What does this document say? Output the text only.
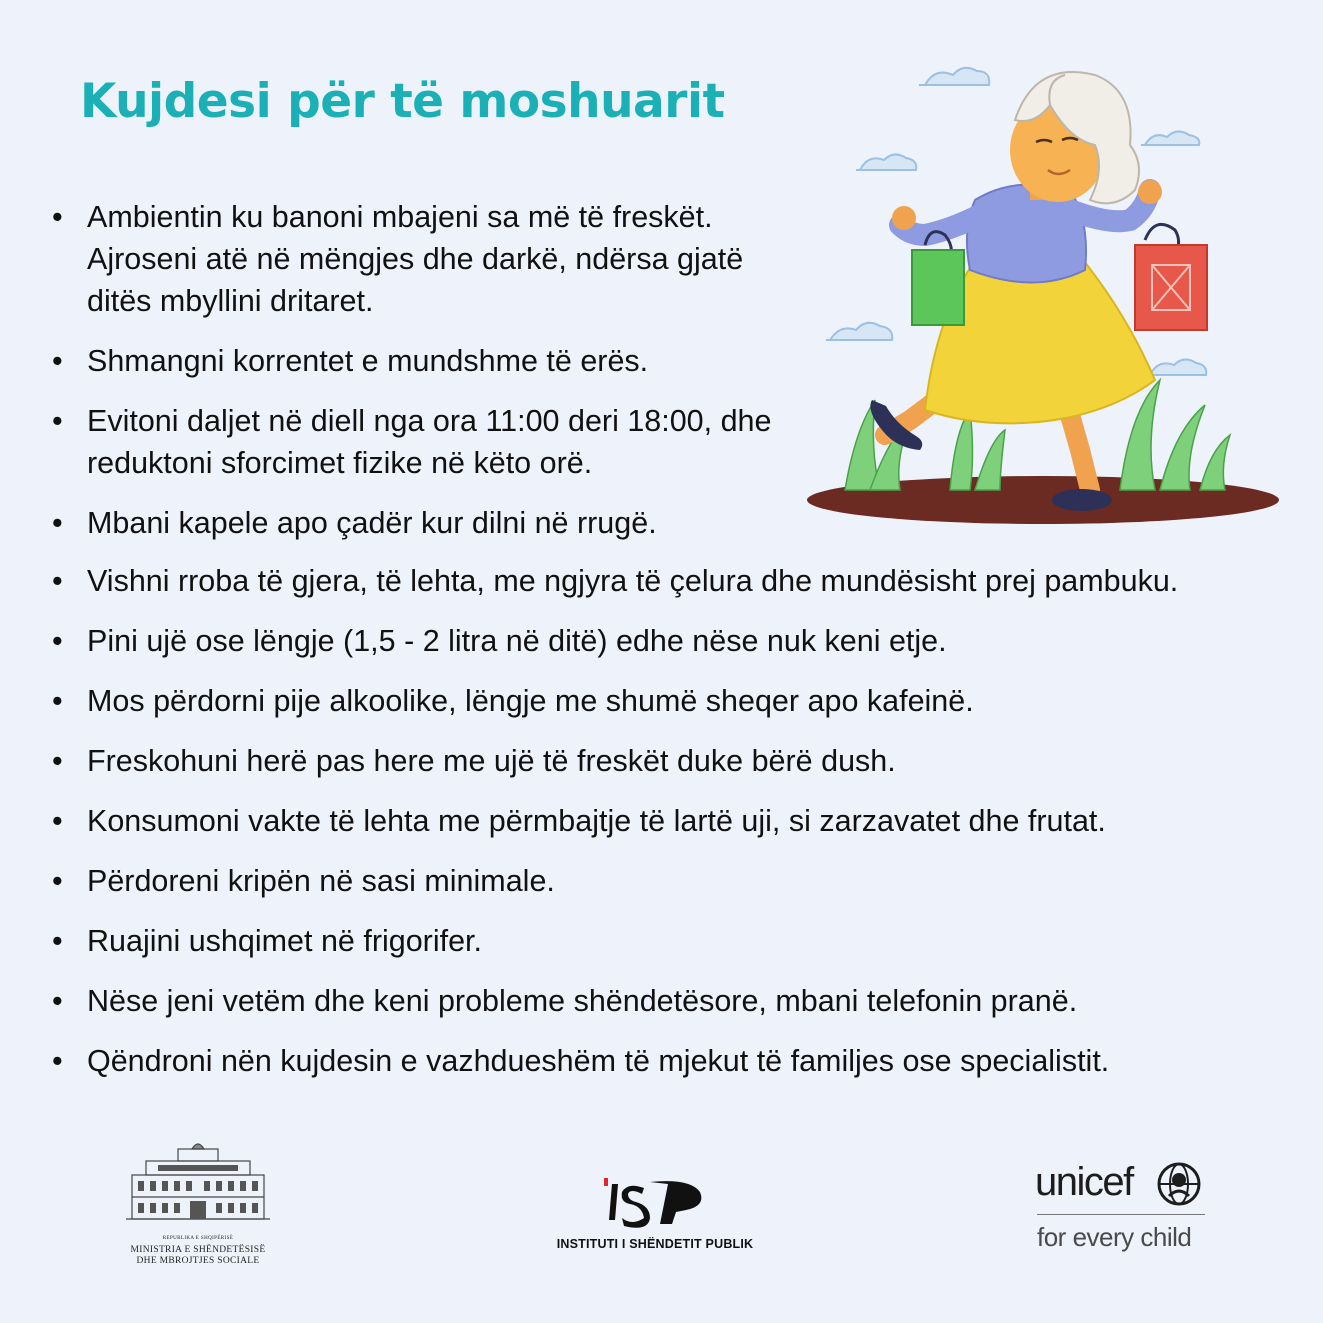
Kujdesi për të moshuarit
• Ambientin ku banoni mbajeni sa më të freskët.
Ajroseni atë në mëngjes dhe darkë, ndërsa gjatë
ditës mbyllini dritaret.
• Shmangni korrentet e mundshme të erës.
• Evitoni daljet në diell nga ora 11:00 deri 18:00, dhe
reduktoni sforcimet fizike në këto orë.
• Mbani kapele apo çadër kur dilni në rrugë.
• Vishni rroba të gjera, të lehta, me ngjyra të çelura dhe mundësisht prej pambuku.
• Pini ujë ose lëngje (1,5 - 2 litra në ditë) edhe nëse nuk keni etje.
• Mos përdorni pije alkoolike, lëngje me shumë sheqer apo kafeinë.
• Freskohuni herë pas here me ujë të freskët duke bërë dush.
• Konsumoni vakte të lehta me përmbajtje të lartë uji, si zarzavatet dhe frutat.
• Përdoreni kripën në sasi minimale.
• Ruajini ushqimet në frigorifer.
• Nëse jeni vetëm dhe keni probleme shëndetësore, mbani telefonin pranë.
• Qëndroni nën kujdesin e vazhdueshëm të mjekut të familjes ose specialistit.
REPUBLIKA E SHQIPËRISË
MINISTRIA E SHËNDETËSISË
DHE MBROJTJES SOCIALE
INSTITUTI I SHËNDETIT PUBLIK
unicef
for every child
